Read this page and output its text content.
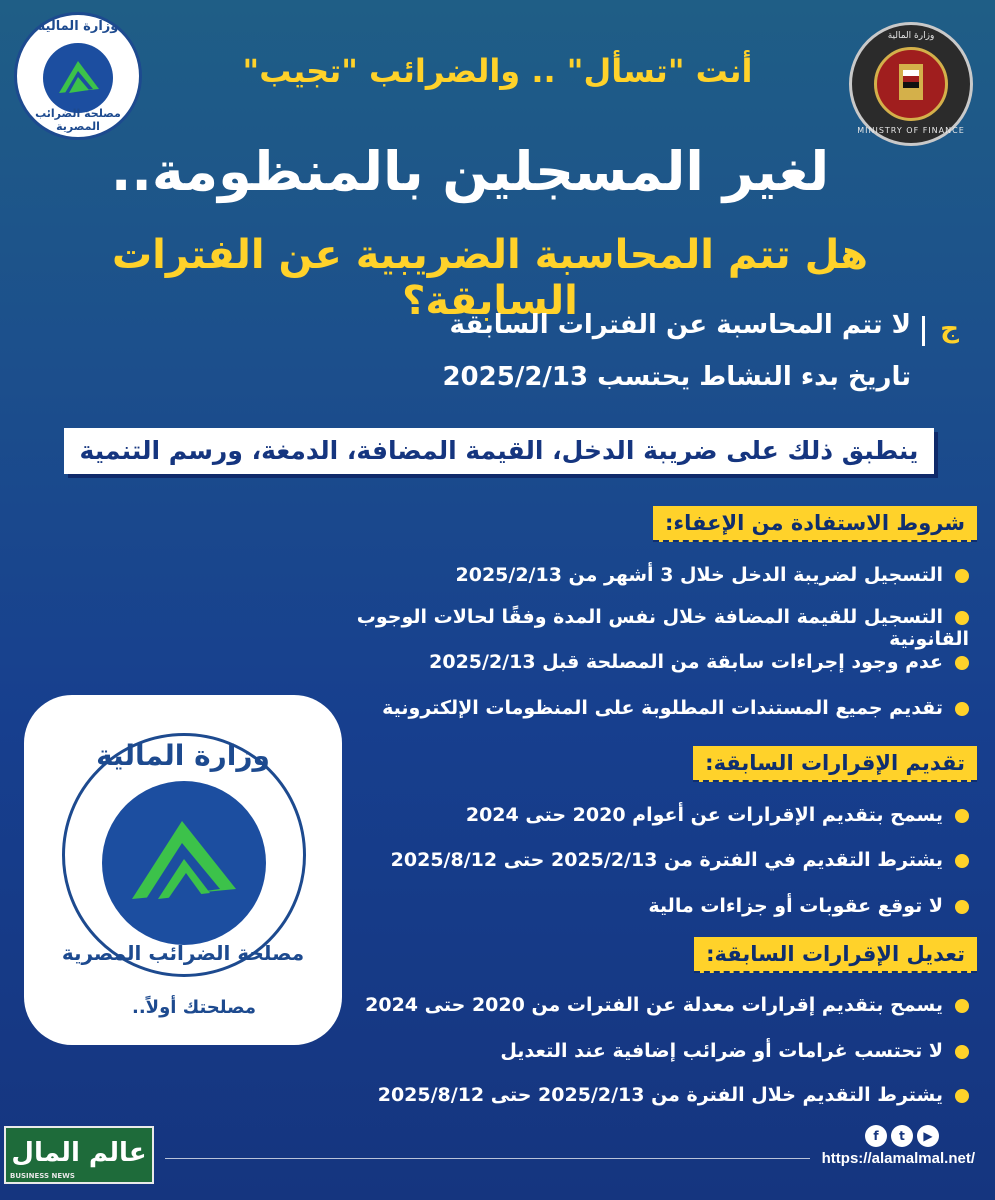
وزارة المالية
مصلحة الضرائب المصرية
وزارة المالية
MINISTRY OF FINANCE
أنت "تسأل" .. والضرائب "تجيب"
لغير المسجلين بالمنظومة..
هل تتم المحاسبة الضريبية عن الفترات السابقة؟
ج
لا تتم المحاسبة عن الفترات السابقة
تاريخ بدء النشاط يحتسب 2025/2/13
ينطبق ذلك على ضريبة الدخل، القيمة المضافة، الدمغة، ورسم التنمية
شروط الاستفادة من الإعفاء:
التسجيل لضريبة الدخل خلال 3 أشهر من 2025/2/13
التسجيل للقيمة المضافة خلال نفس المدة وفقًا لحالات الوجوب القانونية
عدم وجود إجراءات سابقة من المصلحة قبل 2025/2/13
تقديم جميع المستندات المطلوبة على المنظومات الإلكترونية
تقديم الإقرارات السابقة:
يسمح بتقديم الإقرارات عن أعوام 2020 حتى 2024
يشترط التقديم في الفترة من 2025/2/13 حتى 2025/8/12
لا توقع عقوبات أو جزاءات مالية
تعديل الإقرارات السابقة:
يسمح بتقديم إقرارات معدلة عن الفترات من 2020 حتى 2024
لا تحتسب غرامات أو ضرائب إضافية عند التعديل
يشترط التقديم خلال الفترة من 2025/2/13 حتى 2025/8/12
وزارة المالية
مصلحة الضرائب المصرية
مصلحتك أولاً..
عالم المال
BUSINESS NEWS
f	t	▶
https://alamalmal.net/
